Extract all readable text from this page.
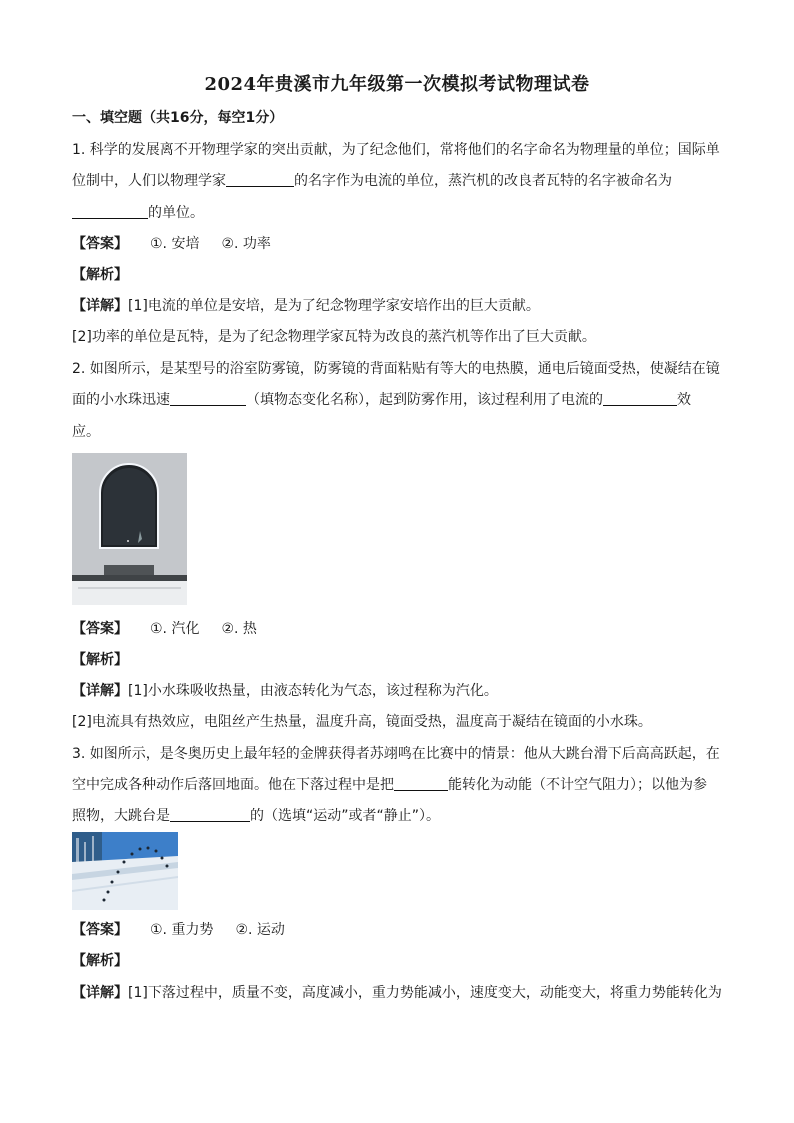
2024年贵溪市九年级第一次模拟考试物理试卷
一、填空题（共16分，每空1分）
1. 科学的发展离不开物理学家的突出贡献，为了纪念他们，常将他们的名字命名为物理量的单位；国际单
位制中，人们以物理学家	的名字作为电流的单位，蒸汽机的改良者瓦特的名字被命名为
的单位。
【答案】 ①. 安培 ②. 功率
【解析】
【详解】[1]电流的单位是安培，是为了纪念物理学家安培作出的巨大贡献。
[2]功率的单位是瓦特，是为了纪念物理学家瓦特为改良的蒸汽机等作出了巨大贡献。
2. 如图所示，是某型号的浴室防雾镜，防雾镜的背面粘贴有等大的电热膜，通电后镜面受热，使凝结在镜
面的小水珠迅速	（填物态变化名称），起到防雾作用，该过程利用了电流的	效
应。
【答案】 ①. 汽化 ②. 热
【解析】
【详解】[1]小水珠吸收热量，由液态转化为气态，该过程称为汽化。
[2]电流具有热效应，电阻丝产生热量，温度升高，镜面受热，温度高于凝结在镜面的小水珠。
3. 如图所示，是冬奥历史上最年轻的金牌获得者苏翊鸣在比赛中的情景：他从大跳台滑下后高高跃起，在
空中完成各种动作后落回地面。他在下落过程中是把	能转化为动能（不计空气阻力）；以他为参
照物，大跳台是	的（选填“运动”或者“静止”）。
【答案】 ①. 重力势 ②. 运动
【解析】
【详解】[1]下落过程中，质量不变，高度减小，重力势能减小，速度变大，动能变大，将重力势能转化为
